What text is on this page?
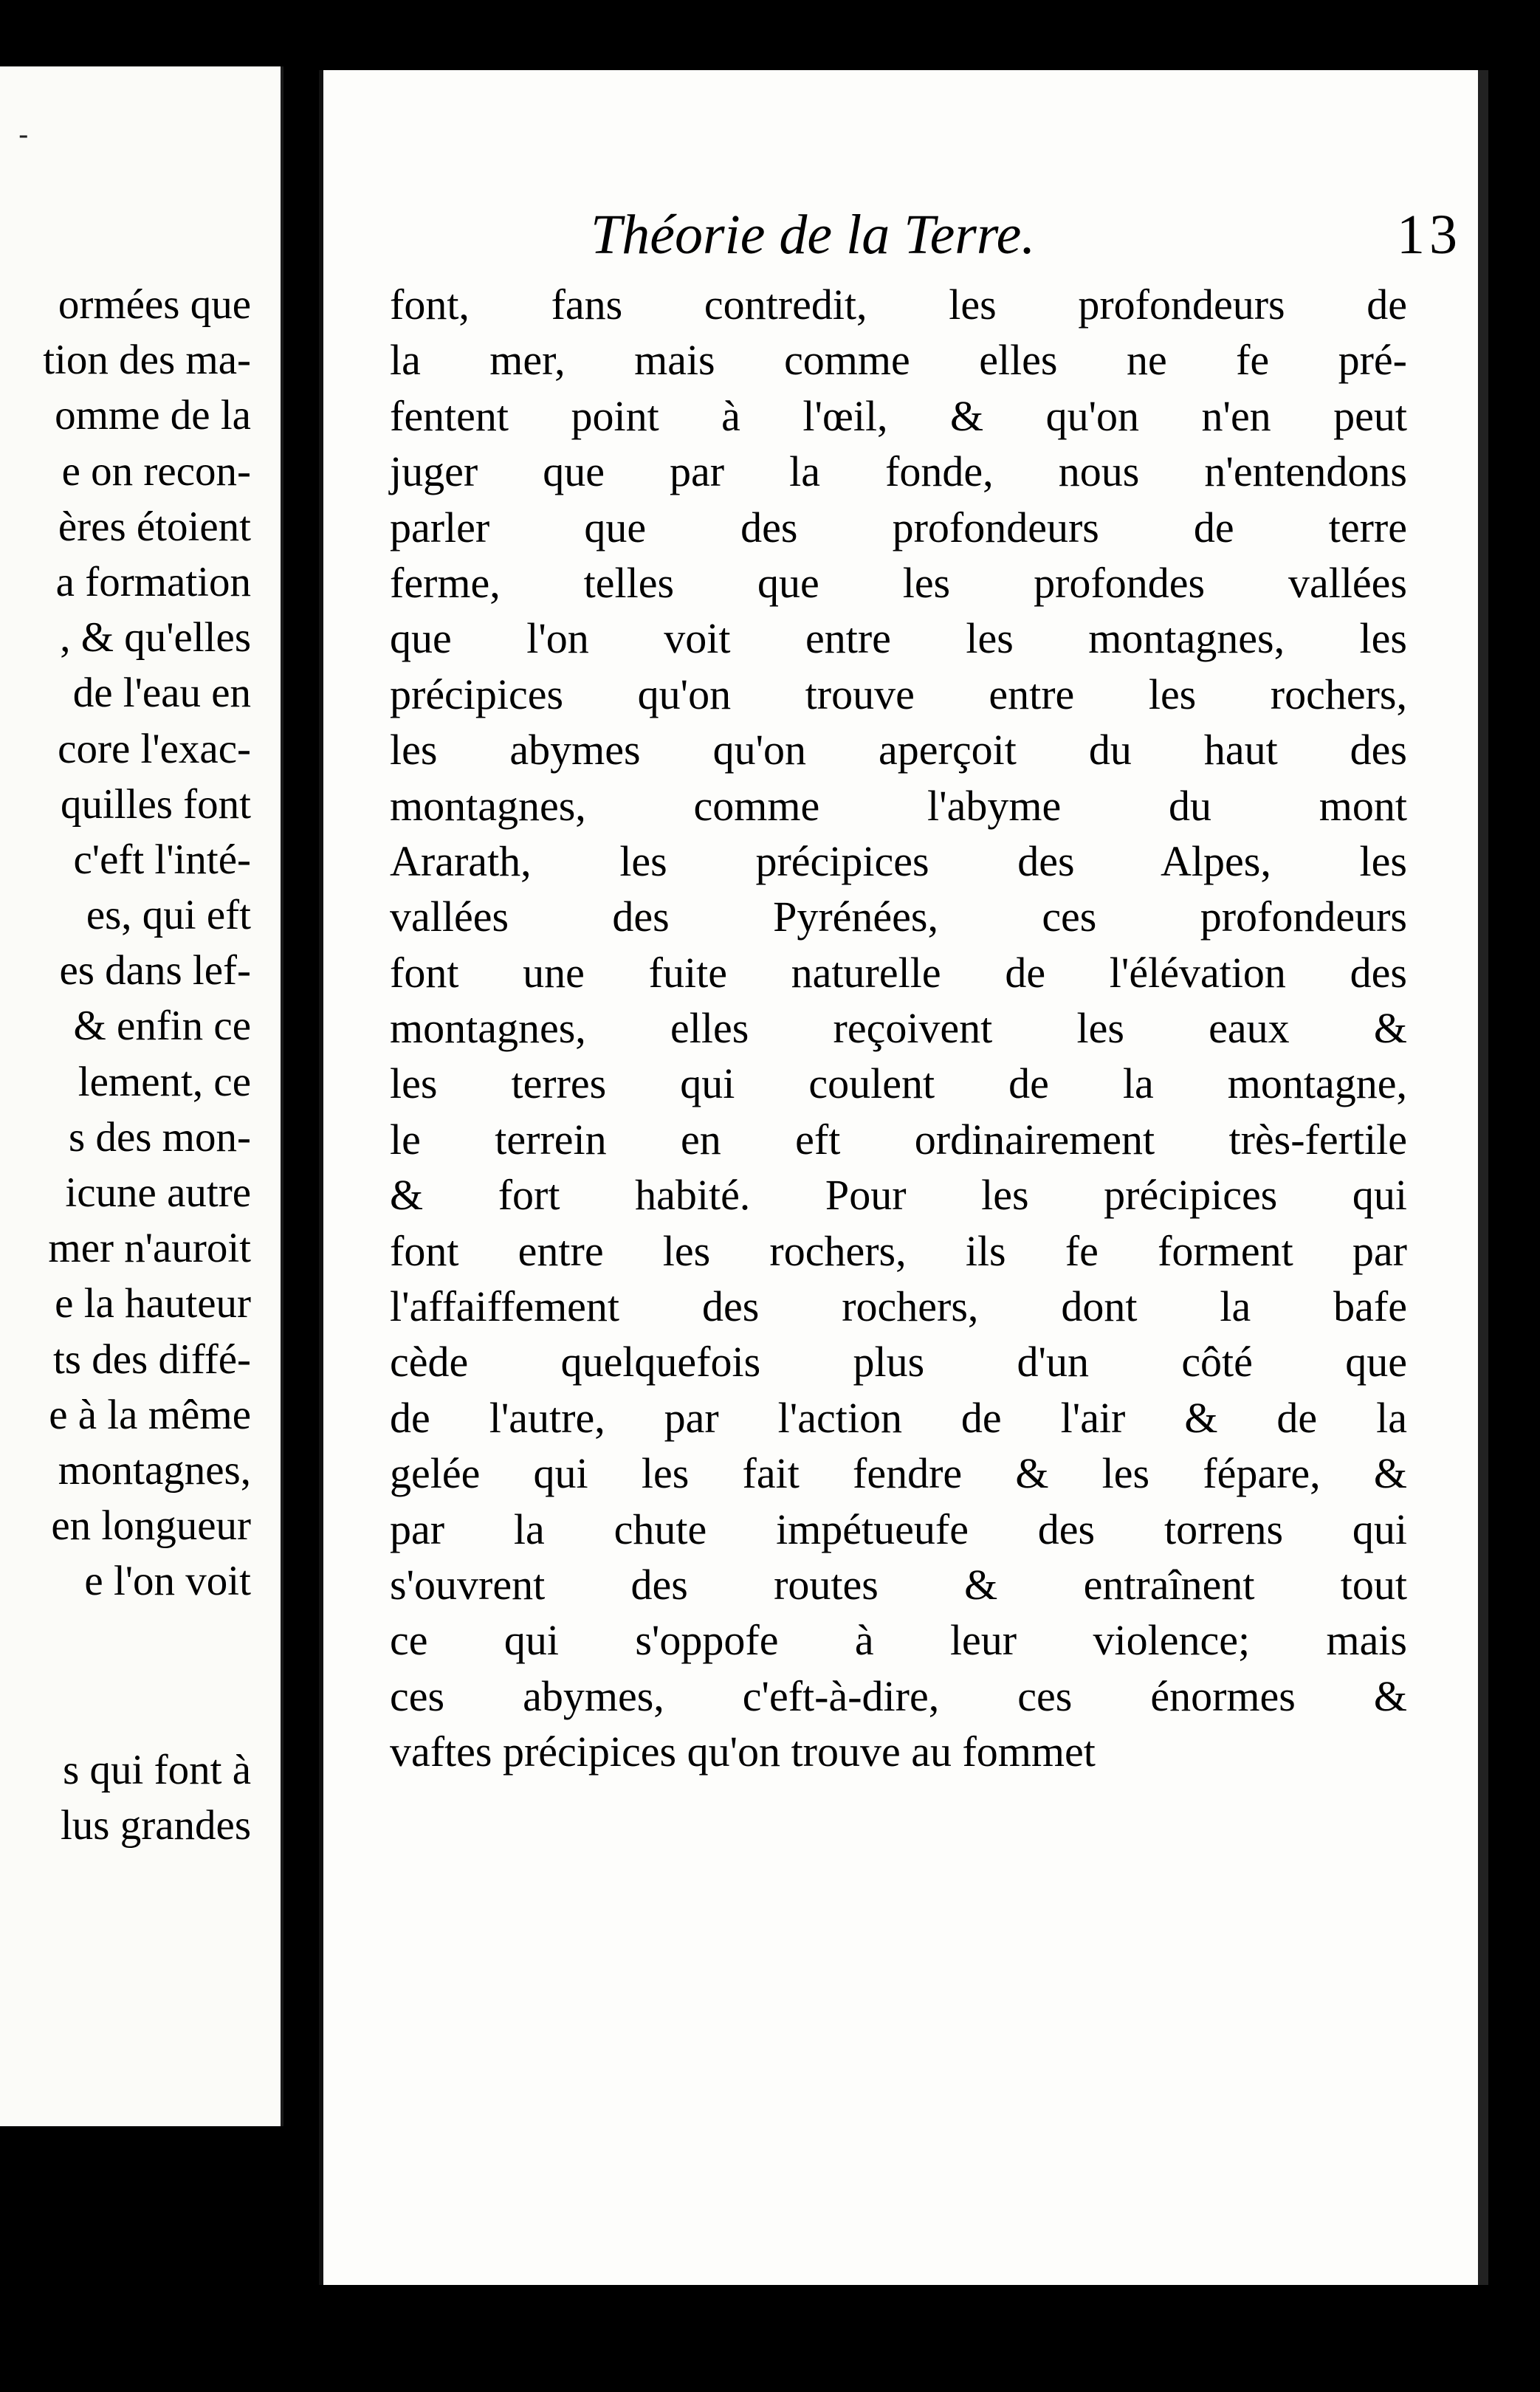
-
ormées que
tion des ma-
omme de la
e on recon-
ères étoient
a formation
, & qu'elles
de l'eau en
core l'exac-
quilles font
c'eft l'inté-
es, qui eft
es dans lef-
& enfin ce
lement, ce
s des mon-
icune autre
mer n'auroit
e la hauteur
ts des diffé-
e à la même
montagnes,
en longueur
e l'on voit
s qui font à
lus grandes
Théorie de la Terre.	13
font, fans contredit, les profondeurs de
la mer, mais comme elles ne fe pré-
fentent point à l'œil, & qu'on n'en peut
juger que par la fonde, nous n'entendons
parler que des profondeurs de terre
ferme, telles que les profondes vallées
que l'on voit entre les montagnes, les
précipices qu'on trouve entre les rochers,
les abymes qu'on aperçoit du haut des
montagnes, comme l'abyme du mont
Ararath, les précipices des Alpes, les
vallées des Pyrénées, ces profondeurs
font une fuite naturelle de l'élévation des
montagnes, elles reçoivent les eaux &
les terres qui coulent de la montagne,
le terrein en eft ordinairement très-fertile
& fort habité. Pour les précipices qui
font entre les rochers, ils fe forment par
l'affaiffement des rochers, dont la bafe
cède quelquefois plus d'un côté que
de l'autre, par l'action de l'air & de la
gelée qui les fait fendre & les fépare, &
par la chute impétueufe des torrens qui
s'ouvrent des routes & entraînent tout
ce qui s'oppofe à leur violence; mais
ces abymes, c'eft-à-dire, ces énormes &
vaftes précipices qu'on trouve au fommet
